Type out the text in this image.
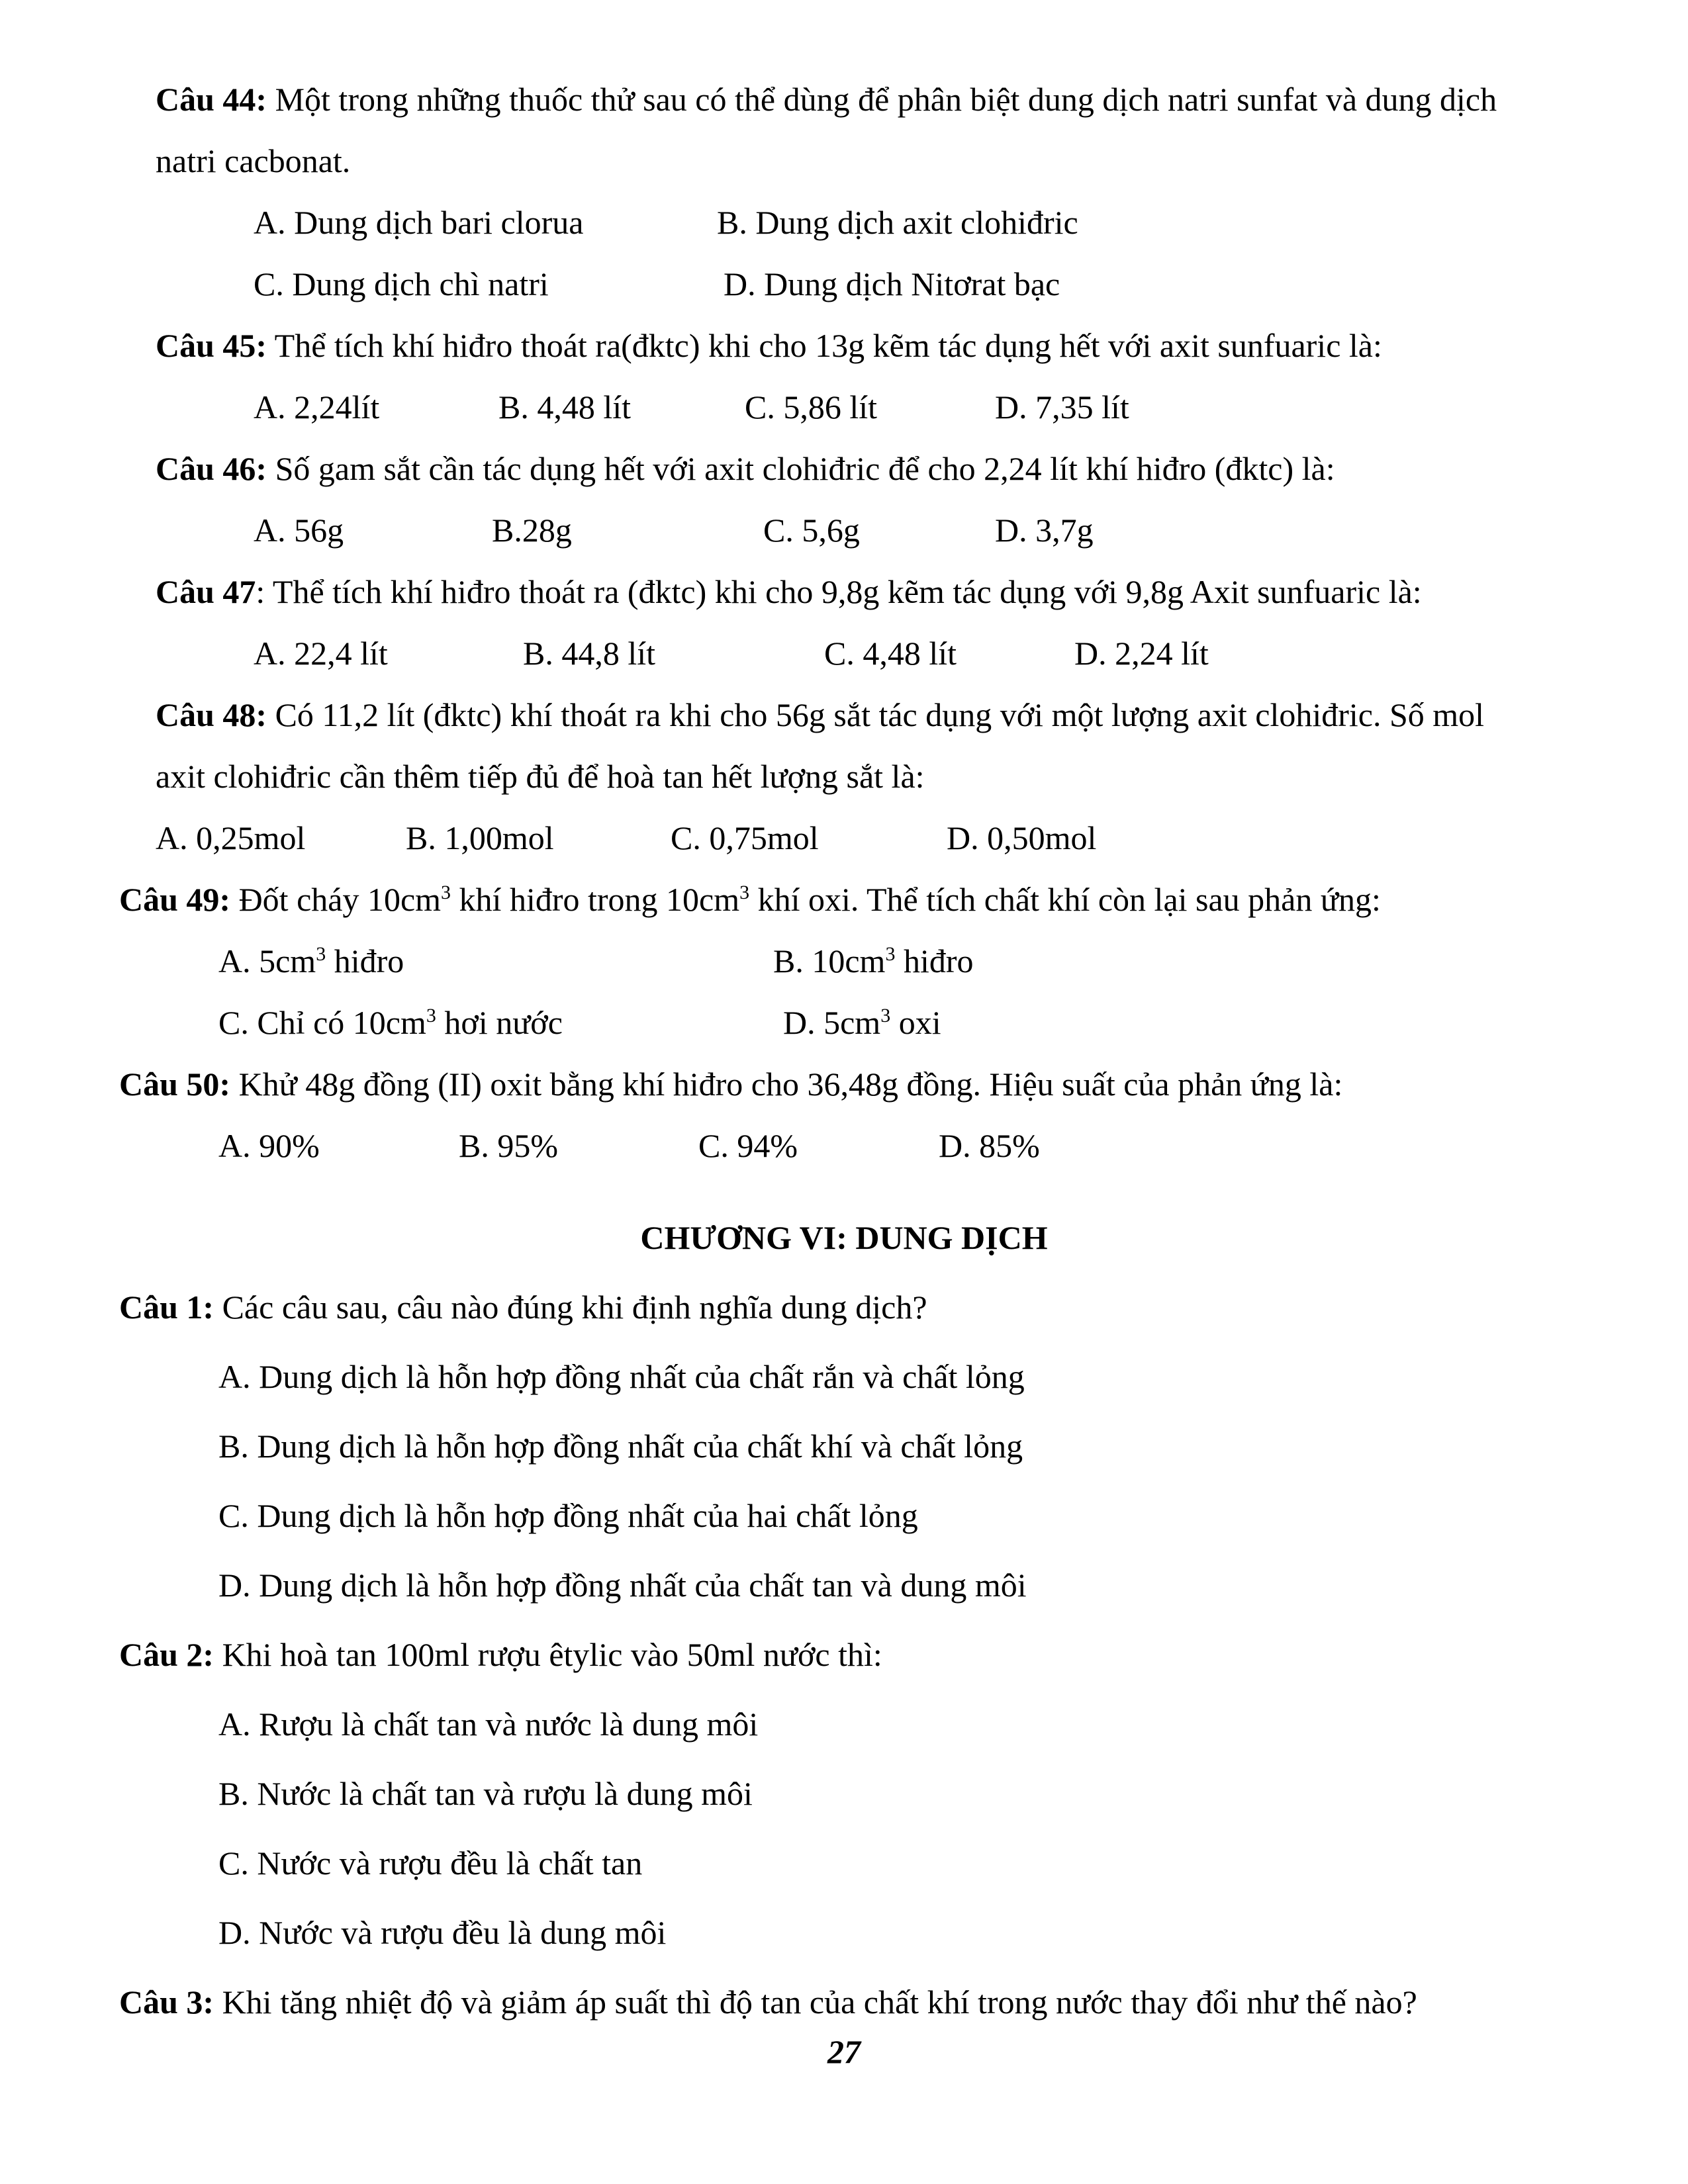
Câu 44: Một trong những thuốc thử sau có thể dùng để phân biệt dung dịch natri sunfat và dung dịch
natri cacbonat.
A. Dung dịch bari clorua	B. Dung dịch axit clohiđric
C. Dung dịch chì natri	D. Dung dịch Nitơrat bạc
Câu 45: Thể tích khí hiđro thoát ra(đktc) khi cho 13g kẽm tác dụng hết với axit sunfuaric là:
A. 2,24lít	B. 4,48 lít	C. 5,86 lít	D. 7,35 lít
Câu 46: Số gam sắt cần tác dụng hết với axit clohiđric để cho 2,24 lít khí hiđro (đktc) là:
A. 56g	B.28g	C. 5,6g	D. 3,7g
Câu 47: Thể tích khí hiđro thoát ra (đktc) khi cho 9,8g kẽm tác dụng với 9,8g Axit sunfuaric là:
A. 22,4 lít	B. 44,8 lít	C. 4,48 lít	D. 2,24 lít
Câu 48: Có 11,2 lít (đktc) khí thoát ra khi cho 56g sắt tác dụng với một lượng axit clohiđric. Số mol
axit clohiđric cần thêm tiếp đủ để hoà tan hết lượng sắt là:
A. 0,25mol	B. 1,00mol	C. 0,75mol	D. 0,50mol
Câu 49: Đốt cháy $10cm^3$ khí hiđro trong $10cm^3$ khí oxi. Thể tích chất khí còn lại sau phản ứng:
A. $5cm^3$ hiđro	B. $10cm^3$ hiđro
C. Chỉ có $10cm^3$ hơi nước	D. $5cm^3$ oxi
Câu 50: Khử 48g đồng (II) oxit bằng khí hiđro cho 36,48g đồng. Hiệu suất của phản ứng là:
A. 90%	B. 95%	C. 94%	D. 85%
CHƯƠNG VI: DUNG DỊCH
Câu 1: Các câu sau, câu nào đúng khi định nghĩa dung dịch?
A. Dung dịch là hỗn hợp đồng nhất của chất rắn và chất lỏng
B. Dung dịch là hỗn hợp đồng nhất của chất khí và chất lỏng
C. Dung dịch là hỗn hợp đồng nhất của hai chất lỏng
D. Dung dịch là hỗn hợp đồng nhất của chất tan và dung môi
Câu 2: Khi hoà tan 100ml rượu êtylic vào 50ml nước thì:
A. Rượu là chất tan và nước là dung môi
B. Nước là chất tan và rượu là dung môi
C. Nước và rượu đều là chất tan
D. Nước và rượu đều là dung môi
Câu 3: Khi tăng nhiệt độ và giảm áp suất thì độ tan của chất khí trong nước thay đổi như thế nào?
27
